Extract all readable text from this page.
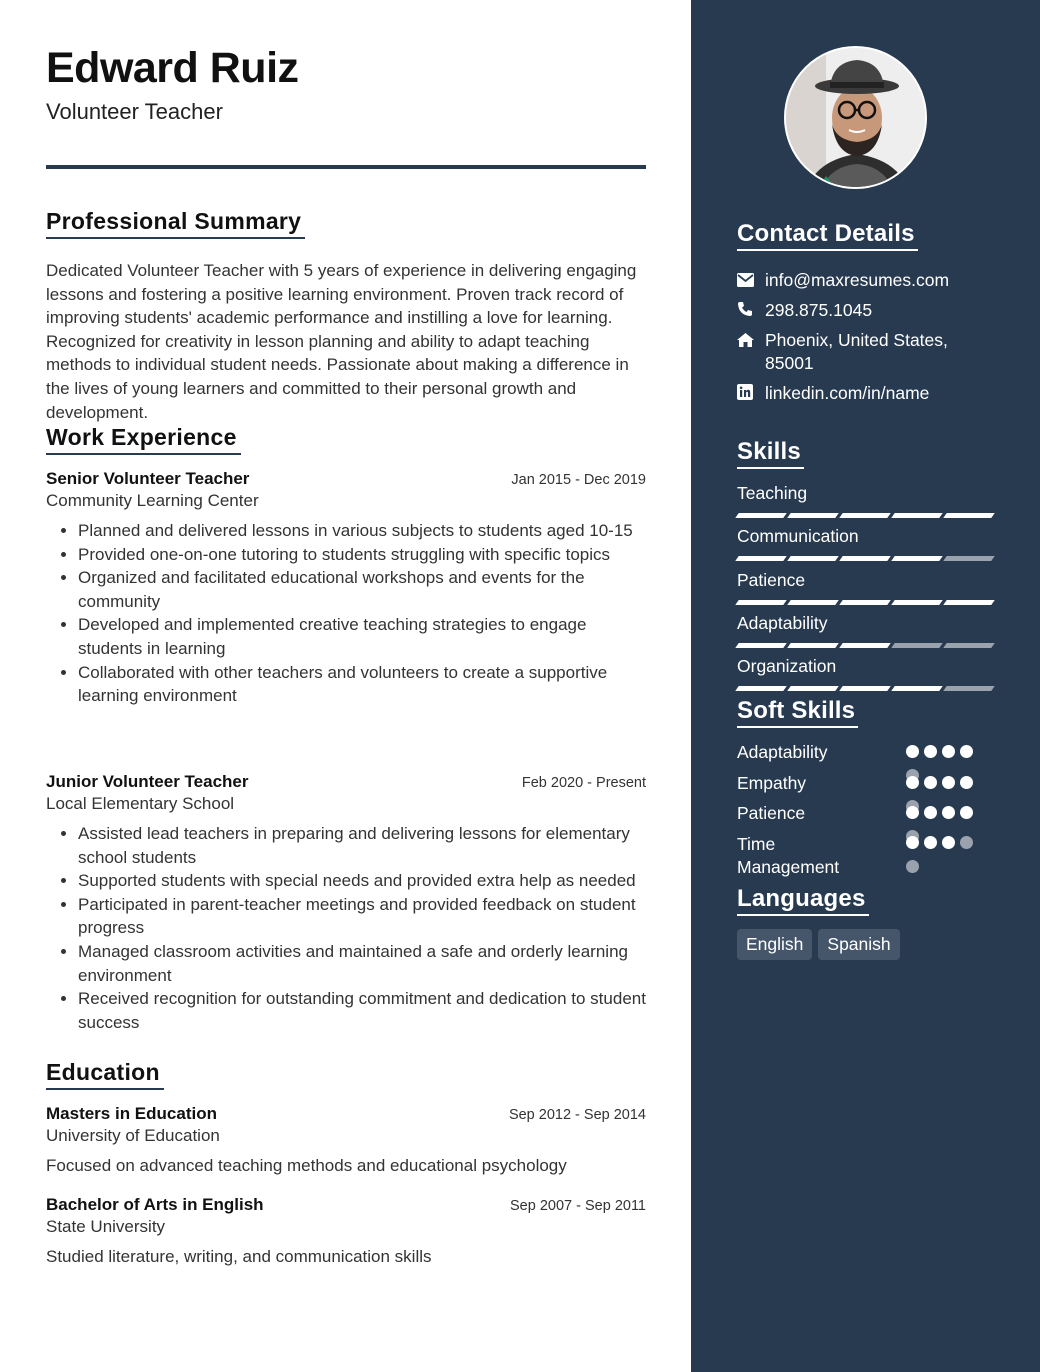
Edward Ruiz
Volunteer Teacher
Professional Summary
Dedicated Volunteer Teacher with 5 years of experience in delivering engaging lessons and fostering a positive learning environment. Proven track record of improving students' academic performance and instilling a love for learning. Recognized for creativity in lesson planning and ability to adapt teaching methods to individual student needs. Passionate about making a difference in the lives of young learners and committed to their personal growth and development.
Work Experience
Senior Volunteer Teacher	Jan 2015 - Dec 2019
Community Learning Center
• Planned and delivered lessons in various subjects to students aged 10-15
• Provided one-on-one tutoring to students struggling with specific topics
• Organized and facilitated educational workshops and events for the community
• Developed and implemented creative teaching strategies to engage students in learning
• Collaborated with other teachers and volunteers to create a supportive learning environment
Junior Volunteer Teacher	Feb 2020 - Present
Local Elementary School
• Assisted lead teachers in preparing and delivering lessons for elementary school students
• Supported students with special needs and provided extra help as needed
• Participated in parent-teacher meetings and provided feedback on student progress
• Managed classroom activities and maintained a safe and orderly learning environment
• Received recognition for outstanding commitment and dedication to student success
Education
Masters in Education	Sep 2012 - Sep 2014
University of Education
Focused on advanced teaching methods and educational psychology
Bachelor of Arts in English	Sep 2007 - Sep 2011
State University
Studied literature, writing, and communication skills
Contact Details
info@maxresumes.com
298.875.1045
Phoenix, United States, 85001
linkedin.com/in/name
Skills
Teaching
Communication
Patience
Adaptability
Organization
Soft Skills
Adaptability
Empathy
Patience
Time Management
Languages
English	Spanish
